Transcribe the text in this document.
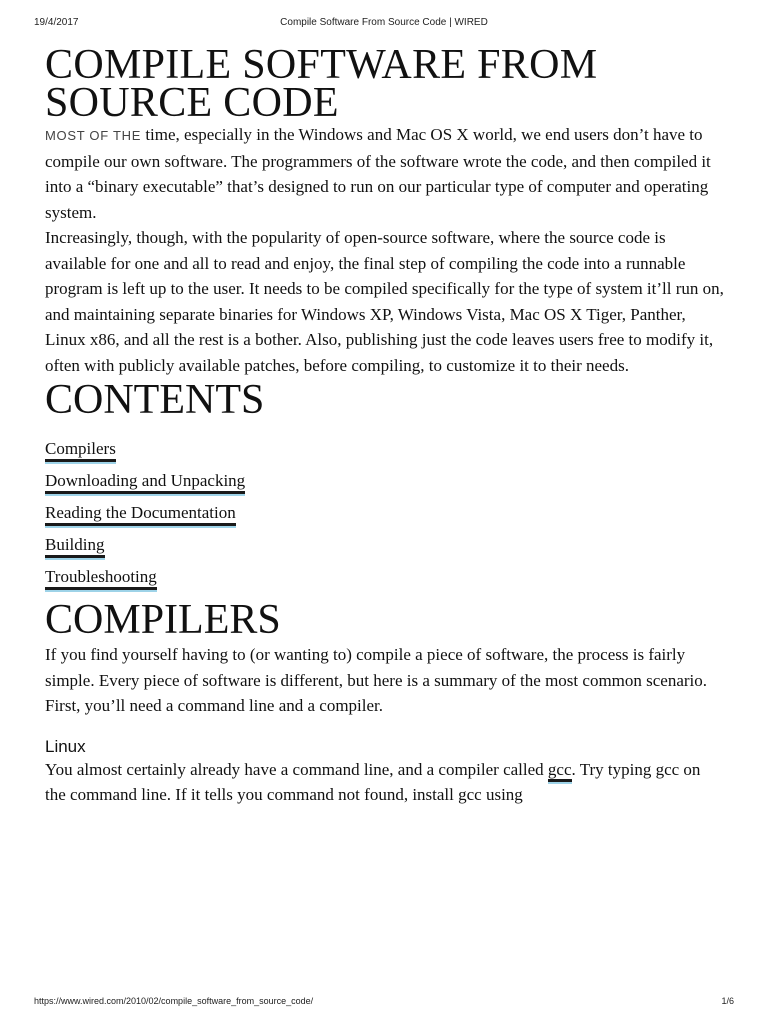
19/4/2017	Compile Software From Source Code | WIRED
COMPILE SOFTWARE FROM SOURCE CODE

MOST OF THE time, especially in the Windows and Mac OS X world, we end users don’t have to compile our own software. The programmers of the software wrote the code, and then compiled it into a “binary executable” that’s designed to run on our particular type of computer and operating system.

Increasingly, though, with the popularity of open-source software, where the source code is available for one and all to read and enjoy, the final step of compiling the code into a runnable program is left up to the user. It needs to be compiled specifically for the type of system it’ll run on, and maintaining separate binaries for Windows XP, Windows Vista, Mac OS X Tiger, Panther, Linux x86, and all the rest is a bother. Also, publishing just the code leaves users free to modify it, often with publicly available patches, before compiling, to customize it to their needs.

CONTENTS
Compilers
Downloading and Unpacking
Reading the Documentation
Building
Troubleshooting
COMPILERS

If you find yourself having to (or wanting to) compile a piece of software, the process is fairly simple. Every piece of software is different, but here is a summary of the most common scenario. First, you’ll need a command line and a compiler.

Linux

You almost certainly already have a command line, and a compiler called gcc. Try typing gcc on the command line. If it tells you command not found, install gcc using

https://www.wired.com/2010/02/compile_software_from_source_code/	1/6
